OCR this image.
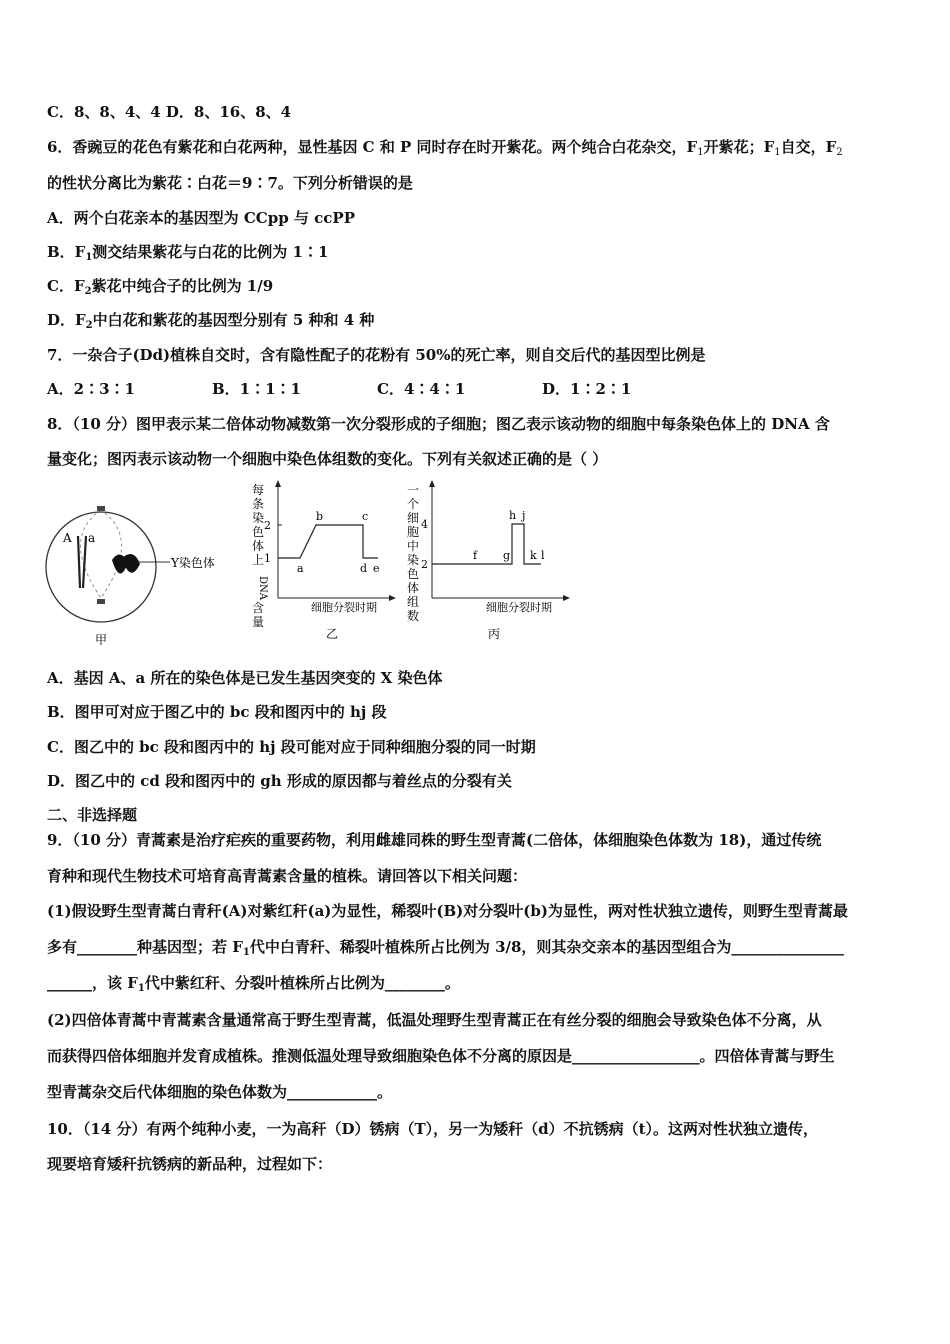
C．8、8、4、4 D．8、16、8、4
6．香豌豆的花色有紫花和白花两种，显性基因 C 和 P 同时存在时开紫花。两个纯合白花杂交，$F_1$开紫花；$F_1$自交，$F_2$
的性状分离比为紫花∶白花＝9∶7。下列分析错误的是
A．两个白花亲本的基因型为 CCpp 与 ccPP
B．$F_1$测交结果紫花与白花的比例为 1∶1
C．$F_2$紫花中纯合子的比例为 1/9
D．$F_2$中白花和紫花的基因型分别有 5 种和 4 种
7．一杂合子(Dd)植株自交时，含有隐性配子的花粉有 50%的死亡率，则自交后代的基因型比例是
A．2∶3∶1	B．1∶1∶1	C．4∶4∶1	D．1∶2∶1
8．（10 分）图甲表示某二倍体动物减数第一次分裂形成的子细胞；图乙表示该动物的细胞中每条染色体上的 DNA 含
量变化；图丙表示该动物一个细胞中染色体组数的变化。下列有关叙述正确的是（ ）
Y染色体
A a
甲
每
条
染
色
体
上
DNA
含
量
2
1
a
b	c
d e
细胞分裂时期
乙
一
个
细
胞
中
染
色
体
组
数
4
2
f g
h j
k l
细胞分裂时期
丙
A．基因 A、a 所在的染色体是已发生基因突变的 X 染色体
B．图甲可对应于图乙中的 bc 段和图丙中的 hj 段
C．图乙中的 bc 段和图丙中的 hj 段可能对应于同种细胞分裂的同一时期
D．图乙中的 cd 段和图丙中的 gh 形成的原因都与着丝点的分裂有关
二、非选择题
9．（10 分）青蒿素是治疗疟疾的重要药物，利用雌雄同株的野生型青蒿(二倍体，体细胞染色体数为 18)，通过传统
育种和现代生物技术可培育高青蒿素含量的植株。请回答以下相关问题：
(1)假设野生型青蒿白青秆(A)对紫红秆(a)为显性，稀裂叶(B)对分裂叶(b)为显性，两对性状独立遗传，则野生型青蒿最
多有________种基因型；若 $F_1$代中白青秆、稀裂叶植株所占比例为 3/8，则其杂交亲本的基因型组合为_______________
______，该 $F_1$代中紫红秆、分裂叶植株所占比例为________。
(2)四倍体青蒿中青蒿素含量通常高于野生型青蒿，低温处理野生型青蒿正在有丝分裂的细胞会导致染色体不分离，从
而获得四倍体细胞并发育成植株。推测低温处理导致细胞染色体不分离的原因是_________________。四倍体青蒿与野生
型青蒿杂交后代体细胞的染色体数为____________。
10．（14 分）有两个纯种小麦，一为高秆（D）锈病（T），另一为矮秆（d）不抗锈病（t）。这两对性状独立遗传，
现要培育矮秆抗锈病的新品种，过程如下：
